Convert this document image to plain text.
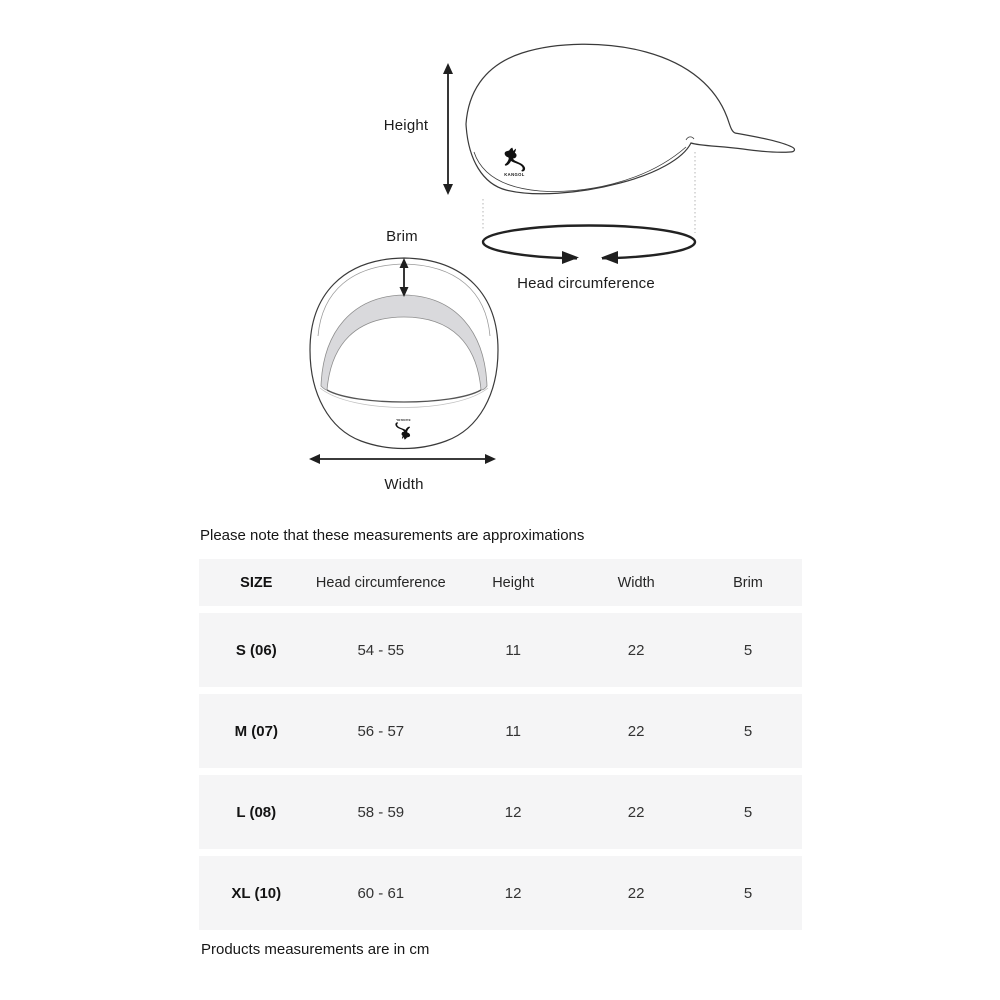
KANGOL
Height
Brim
Head circumference
Width
Please note that these measurements are approximations
SIZE	Head circumference	Height	Width	Brim
S (06)	54 - 55	11	22	5
M (07)	56 - 57	11	22	5
L (08)	58 - 59	12	22	5
XL (10)	60 - 61	12	22	5
Products measurements are in cm
